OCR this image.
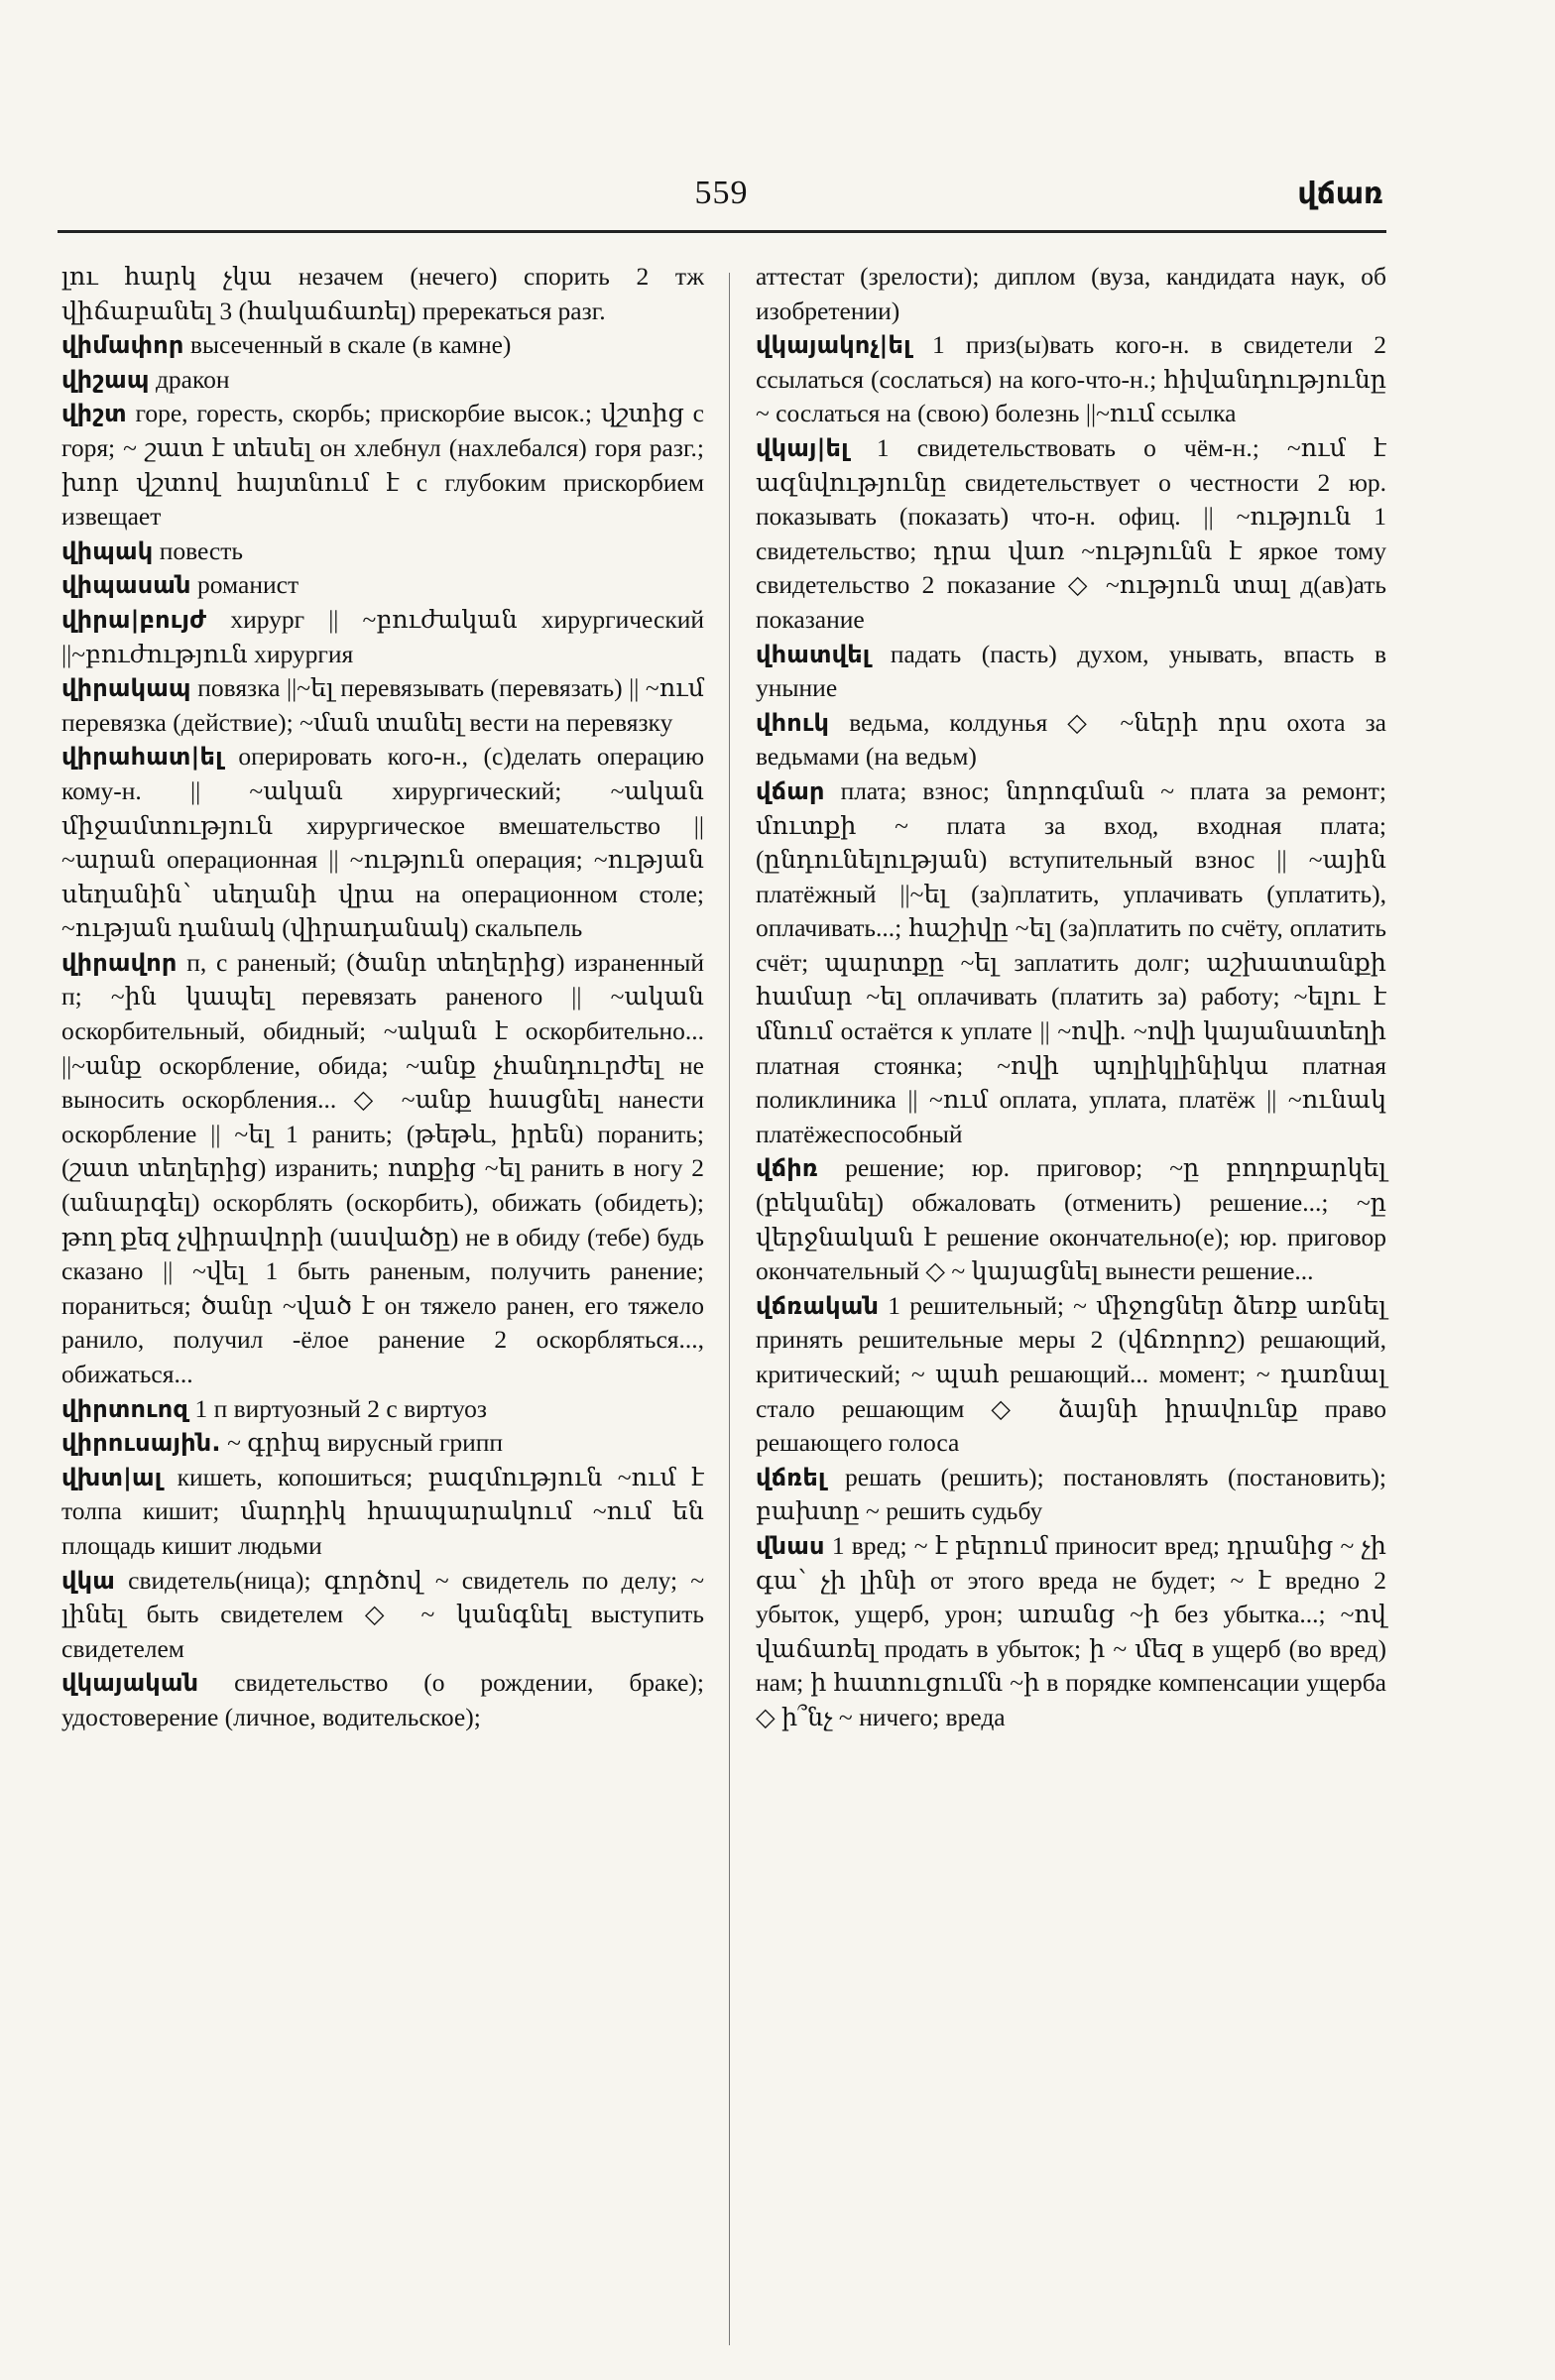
559	վճառ

լու հարկ չկա незачем (нечего) спорить 2 тж վիճաբանել 3 (հակաճառել) пререкаться разг.

վիմափոր высеченный в скале (в камне)

վիշապ дракон

վիշտ горе, горесть, скорбь; прискорбие высок.; վշտից с горя; ~ շատ է տեսել он хлебнул (нахлебался) горя разг.; խոր վշտով հայտնում է с глубоким прискорбием извещает

վիպակ повесть

վիպասան романист

վիրա|բույժ хирург || ~բուժական хирургический ||~բուժություն хирургия

վիրակապ повязка ||~ել перевязывать (перевязать) || ~ում перевязка (действие); ~ման տանել вести на перевязку

վիրահատ|ել оперировать кого-н., (с)делать операцию кому-н. || ~ական хирургический; ~ական միջամտություն хирургическое вмешательство || ~արան операционная || ~ություն операция; ~ության սեղանին՝ սեղանի վրա на операционном столе; ~ության դանակ (վիրադանակ) скальпель

վիրավոր п, с раненый; (ծանր տեղերից) израненный п; ~ին կապել перевязать раненого || ~ական оскорбительный, обидный; ~ական է оскорбительно... ||~անք оскорбление, обида; ~անք չհանդուրժել не выносить оскорбления... ◇ ~անք հասցնել нанести оскорбление || ~ել 1 ранить; (թեթև, իրեն) поранить; (շատ տեղերից) изранить; ոտքից ~ել ранить в ногу 2 (անարգել) оскорблять (оскорбить), обижать (обидеть); թող քեզ չվիրավորի (ասվածը) не в обиду (тебе) будь сказано || ~վել 1 быть раненым, получить ранение; пораниться; ծանր ~ված է он тяжело ранен, его тяжело ранило, получил -ёлое ранение 2 оскорбляться..., обижаться...

վիրտուոզ 1 п виртуозный 2 с виртуоз

վիրուսային. ~ գրիպ вирусный грипп

վխտ|ալ кишеть, копошиться; բազմություն ~ում է толпа кишит; մարդիկ հրապարակում ~ում են площадь кишит людьми

վկա свидетель(ница); գործով ~ свидетель по делу; ~ լինել быть свидетелем ◇ ~ կանգնել выступить свидетелем

վկայական свидетельство (о рождении, браке); удостоверение (личное, водительское);

аттестат (зрелости); диплом (вуза, кандидата наук, об изобретении)

վկայակոչ|ել 1 приз(ы)вать кого-н. в свидетели 2 ссылаться (сослаться) на кого-что-н.; հիվանդությունը ~ сослаться на (свою) болезнь ||~ում ссылка

վկայ|ել 1 свидетельствовать о чём-н.; ~ում է ազնվությունը свидетельствует о честности 2 юр. показывать (показать) что-н. офиц. || ~ություն 1 свидетельство; դրա վառ ~ությունն է яркое тому свидетельство 2 показание ◇ ~ություն տալ д(ав)ать показание

վհատվել падать (пасть) духом, унывать, впасть в уныние

վհուկ ведьма, колдунья ◇ ~ների որս охота за ведьмами (на ведьм)

վճար плата; взнос; նորոգման ~ плата за ремонт; մուտքի ~ плата за вход, входная плата; (ընդունելության) вступительный взнос || ~ային платёжный ||~ել (за)платить, уплачивать (уплатить), оплачивать...; հաշիվը ~ել (за)платить по счёту, оплатить счёт; պարտքը ~ել заплатить долг; աշխատանքի համար ~ել оплачивать (платить за) работу; ~ելու է մնում остаётся к уплате || ~ովի. ~ովի կայանատեղի платная стоянка; ~ովի պոլիկլինիկա платная поликлиника || ~ում оплата, уплата, платёж || ~ունակ платёжеспособный

վճիռ решение; юр. приговор; ~ը բողոքարկել (բեկանել) обжаловать (отменить) решение...; ~ը վերջնական է решение окончательно(е); юр. приговор окончательный ◇ ~ կայացնել вынести решение...

վճռական 1 решительный; ~ միջոցներ ձեռք առնել принять решительные меры 2 (վճռորոշ) решающий, критический; ~ պահ решающий... момент; ~ դառնալ стало решающим ◇ ձայնի իրավունք право решающего голоса

վճռել решать (решить); постановлять (постановить); բախտը ~ решить судьбу

վնաս 1 вред; ~ է բերում приносит вред; դրանից ~ չի գա՝ չի լինի от этого вреда не будет; ~ է вредно 2 убыток, ущерб, урон; առանց ~ի без убытка...; ~ով վաճառել продать в убыток; ի ~ մեզ в ущерб (во вред) нам; ի հատուցումն ~ի в порядке компенсации ущерба ◇ ի՞նչ ~ ничего; вреда
